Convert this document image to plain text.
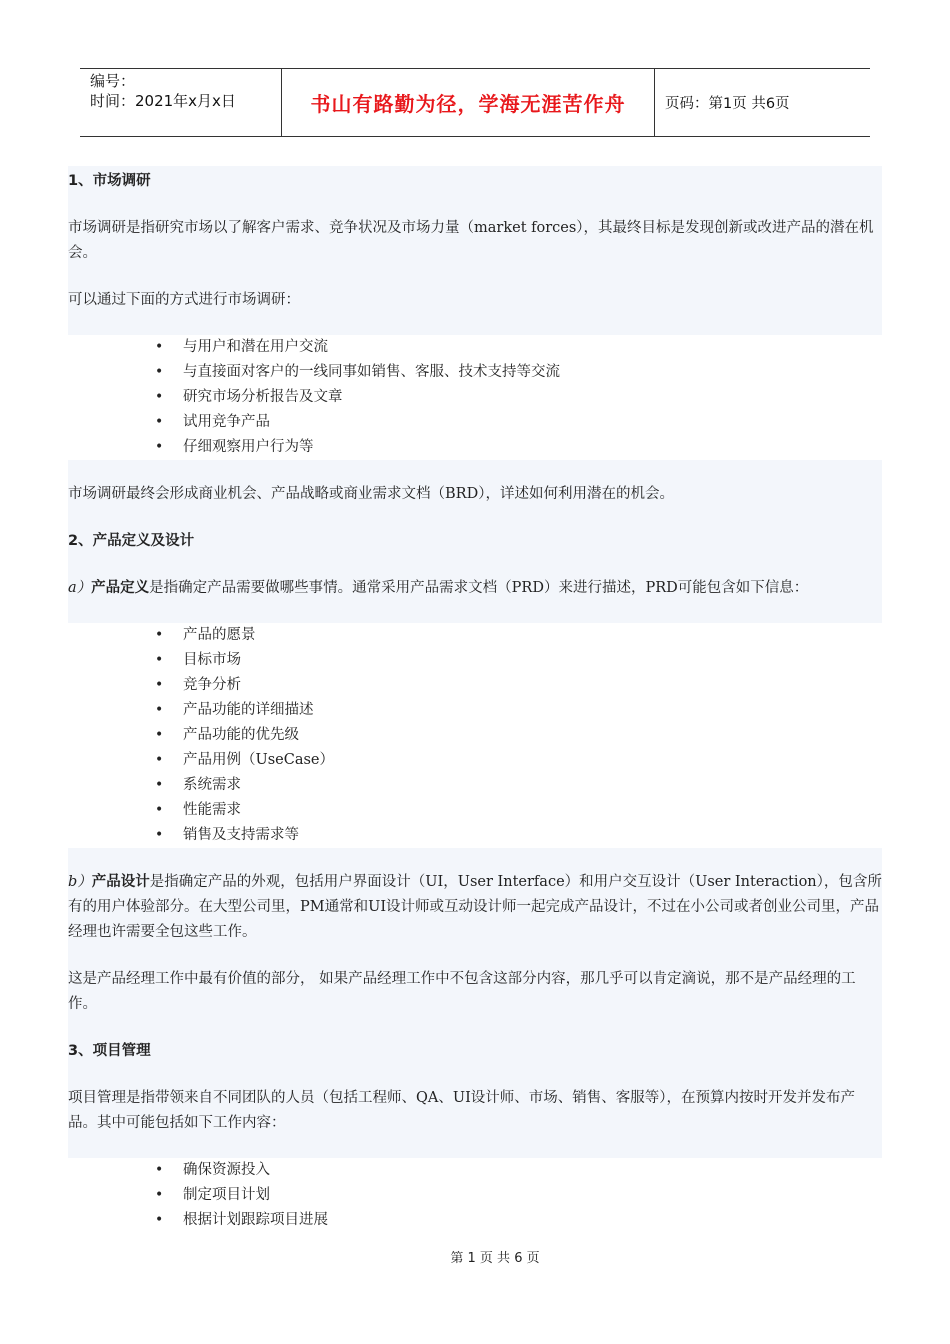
编号：
时间：2021年x月x日	书山有路勤为径，学海无涯苦作舟	页码：第1页 共6页

1、市场调研

市场调研是指研究市场以了解客户需求、竞争状况及市场力量（market forces），其最终目标是发现创新或改进产品的潜在机会。

可以通过下面的方式进行市场调研：

• 与用户和潜在用户交流
• 与直接面对客户的一线同事如销售、客服、技术支持等交流
• 研究市场分析报告及文章
• 试用竞争产品
• 仔细观察用户行为等

市场调研最终会形成商业机会、产品战略或商业需求文档（BRD），详述如何利用潜在的机会。

2、产品定义及设计

a）产品定义是指确定产品需要做哪些事情。通常采用产品需求文档（PRD）来进行描述，PRD可能包含如下信息：

• 产品的愿景
• 目标市场
• 竞争分析
• 产品功能的详细描述
• 产品功能的优先级
• 产品用例（UseCase）
• 系统需求
• 性能需求
• 销售及支持需求等

b）产品设计是指确定产品的外观，包括用户界面设计（UI，User Interface）和用户交互设计（User Interaction），包含所有的用户体验部分。在大型公司里，PM通常和UI设计师或互动设计师一起完成产品设计，不过在小公司或者创业公司里，产品经理也许需要全包这些工作。

这是产品经理工作中最有价值的部分， 如果产品经理工作中不包含这部分内容，那几乎可以肯定滴说，那不是产品经理的工作。

3、项目管理

项目管理是指带领来自不同团队的人员（包括工程师、QA、UI设计师、市场、销售、客服等），在预算内按时开发并发布产品。其中可能包括如下工作内容：

• 确保资源投入
• 制定项目计划
• 根据计划跟踪项目进展
第 1 页 共 6 页
